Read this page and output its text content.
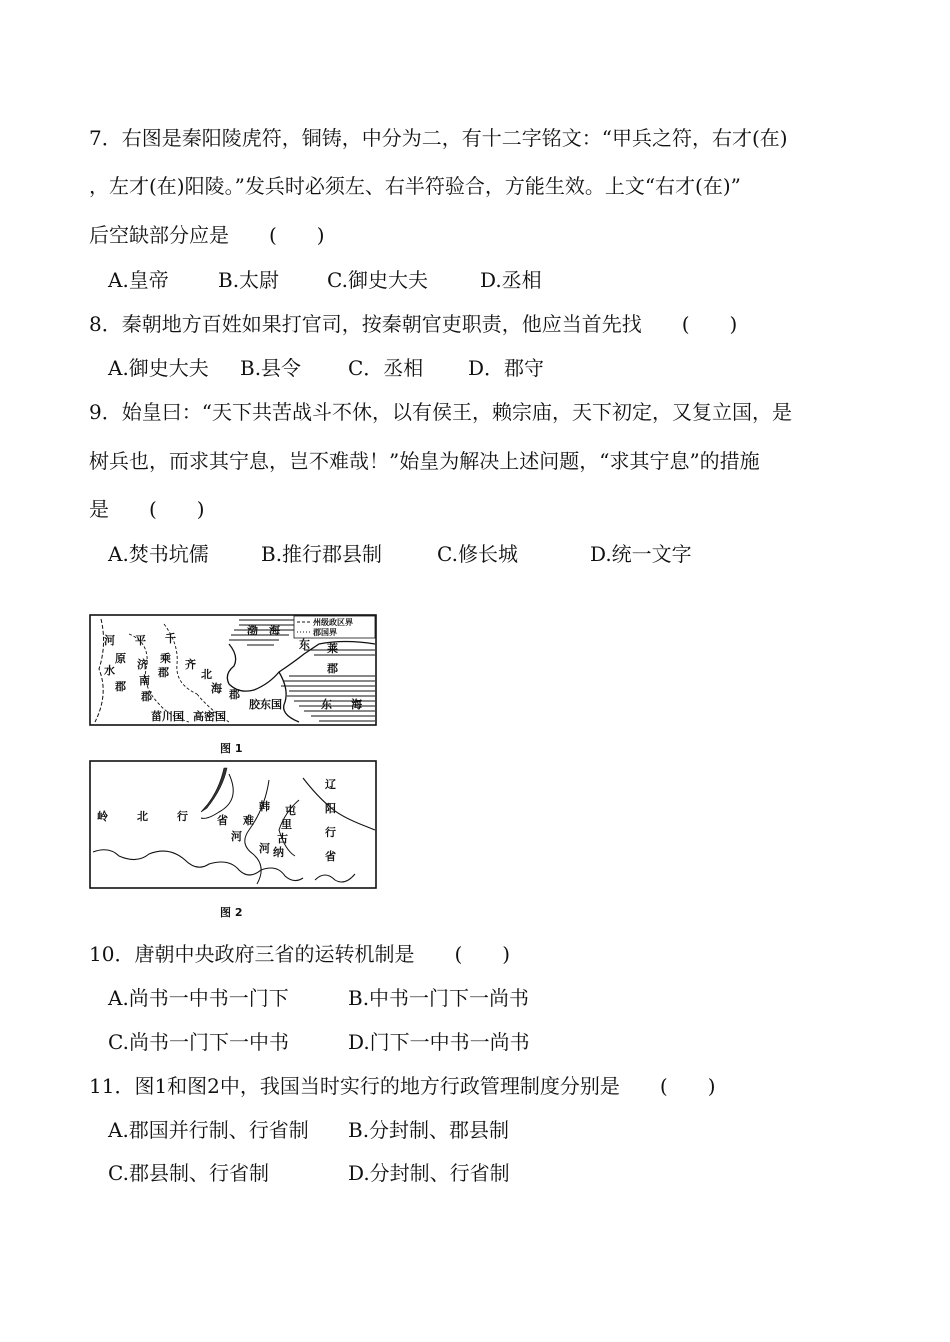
7．右图是秦阳陵虎符，铜铸，中分为二，有十二字铭文：“甲兵之符，右才(在)
，左才(在)阳陵。”发兵时必须左、右半符验合，方能生效。上文“右才(在)”
后空缺部分应是　　(　　)
A.皇帝 B.太尉 C.御史大夫	D.丞相
8．秦朝地方百姓如果打官司，按秦朝官吏职责，他应当首先找　　(　　)
A.御史大夫 B.县令 C．丞相 D．郡守
9．始皇曰：“天下共苦战斗不休，以有侯王，赖宗庙，天下初定，又复立国，是
树兵也，而求其宁息，岂不难哉！”始皇为解决上述问题，“求其宁息”的措施
是　　(　　)
A.焚书坑儒	B.推行郡县制	C.修长城	D.统一文字
州级政区界
郡国界
渤 海
平 千
乘
郡
河
原
水
郡
济
南
郡
齐
北
海 郡
东 莱
郡
胶东国	东 海
菑川国 高密国
图 1
辽
阳
行
省
岭	北	行	省 难
河
韩 屯
里
古
纳
河
图 2
10．唐朝中央政府三省的运转机制是　　(　　)
A.尚书一中书一门下	B.中书一门下一尚书
C.尚书一门下一中书	D.门下一中书一尚书
11．图1和图2中，我国当时实行的地方行政管理制度分别是　　(　　)
A.郡国并行制、行省制 B.分封制、郡县制
C.郡县制、行省制	D.分封制、行省制
